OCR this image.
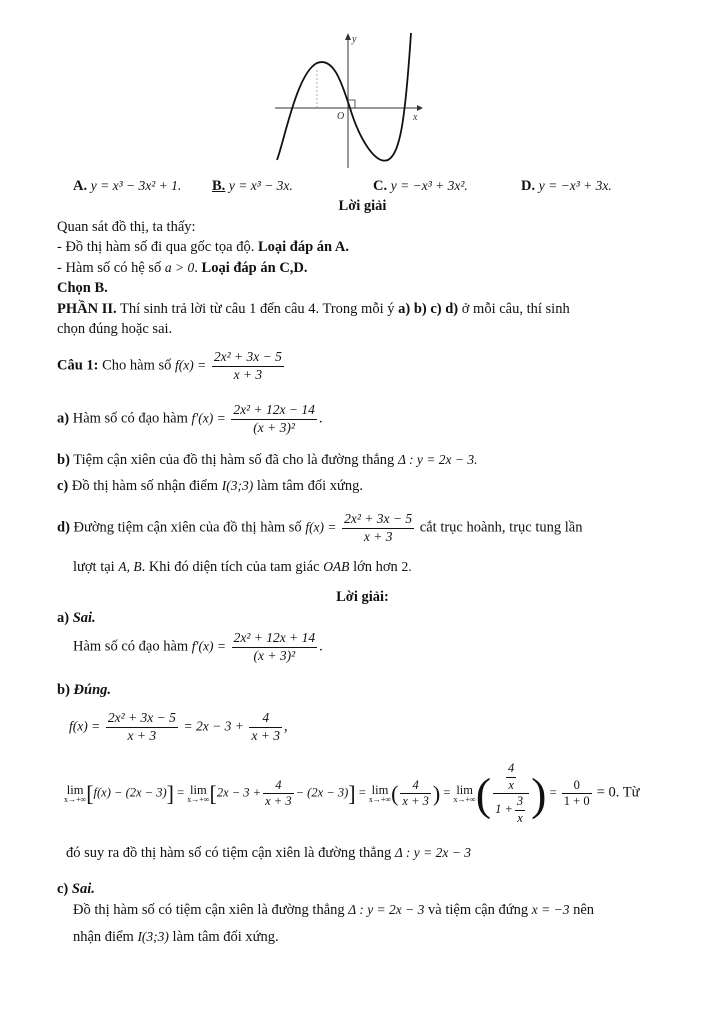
y
x
O
A. y = x³ − 3x² + 1. B. y = x³ − 3x.	C. y = −x³ + 3x².	D. y = −x³ + 3x.
Lời giải
Quan sát đồ thị, ta thấy:
- Đồ thị hàm số đi qua gốc tọa độ. Loại đáp án A.
- Hàm số có hệ số a > 0. Loại đáp án C,D.
Chọn B.
PHẦN II. Thí sinh trả lời từ câu 1 đến câu 4. Trong mỗi ý a) b) c) d) ở mỗi câu, thí sinh
chọn đúng hoặc sai.
Câu 1: Cho hàm số $f(x) = \frac{\text{2x² + 3x − 5}}{x + 3}$
a) Hàm số có đạo hàm $f'(x) = \frac{\text{2x² + 12x − 14}}{\text{(x + 3)²}}$ .
b) Tiệm cận xiên của đồ thị hàm số đã cho là đường thẳng Δ : y = 2x − 3.
c) Đồ thị hàm số nhận điểm I(3;3) làm tâm đối xứng.
d) Đường tiệm cận xiên của đồ thị hàm số $f(x) = \frac{\text{2x² + 3x − 5}}{x + 3}$ cắt trục hoành, trục tung lần
lượt tại A, B. Khi đó diện tích của tam giác OAB lớn hơn 2.
Lời giải:
a) Sai.
Hàm số có đạo hàm $f'(x) = \frac{\text{2x² + 12x + 14}}{\text{(x + 3)²}}$ .
b) Đúng.
$f(x) = \frac{\text{2x² + 3x − 5}}{x + 3} = 2x - 3 + \frac{4}{x + 3}$ ,
lim
x→+∞ [f(x) − (2x − 3)] = lim
x→+∞ $[2x - 3 + \frac{4}{x + 3} - (2x - 3)] = \lim$
x→+∞ ( $\frac{4}{x + 3}$ ) = lim
x→+∞ ( $\frac{\frac{4}{x}}{1 + \frac{3}{x}}$ ) = $\frac{0}{1 + 0} = 0$. Từ
đó suy ra đồ thị hàm số có tiệm cận xiên là đường thẳng Δ : y = 2x − 3
c) Sai.
Đồ thị hàm số có tiệm cận xiên là đường thẳng Δ : y = 2x − 3 và tiệm cận đứng x = −3 nên
nhận điểm I(3;3) làm tâm đối xứng.
